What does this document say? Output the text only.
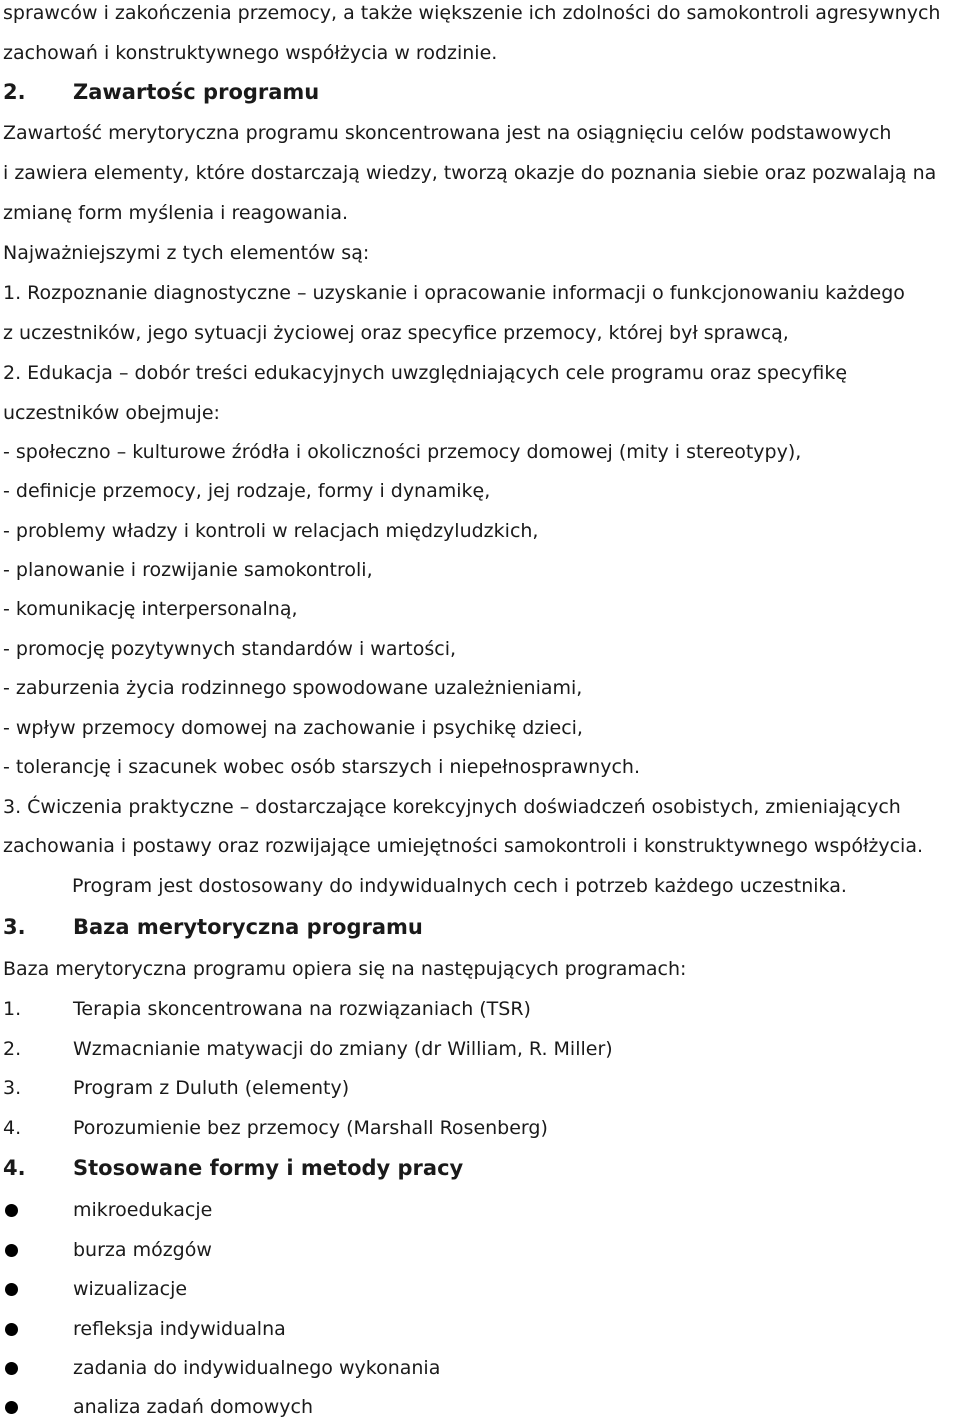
sprawców i zakończenia przemocy, a także większenie ich zdolności do samokontroli agresywnych
zachowań i konstruktywnego współżycia w rodzinie.
2. Zawartośc programu
Zawartość merytoryczna programu skoncentrowana jest na osiągnięciu celów podstawowych
i zawiera elementy, które dostarczają wiedzy, tworzą okazje do poznania siebie oraz pozwalają na
zmianę form myślenia i reagowania.
Najważniejszymi z tych elementów są:
1. Rozpoznanie diagnostyczne – uzyskanie i opracowanie informacji o funkcjonowaniu każdego
z uczestników, jego sytuacji życiowej oraz specyfice przemocy, której był sprawcą,
2. Edukacja – dobór treści edukacyjnych uwzględniających cele programu oraz specyfikę
uczestników obejmuje:
- społeczno – kulturowe źródła i okoliczności przemocy domowej (mity i stereotypy),
- definicje przemocy, jej rodzaje, formy i dynamikę,
- problemy władzy i kontroli w relacjach międzyludzkich,
- planowanie i rozwijanie samokontroli,
- komunikację interpersonalną,
- promocję pozytywnych standardów i wartości,
- zaburzenia życia rodzinnego spowodowane uzależnieniami,
- wpływ przemocy domowej na zachowanie i psychikę dzieci,
- tolerancję i szacunek wobec osób starszych i niepełnosprawnych.
3. Ćwiczenia praktyczne – dostarczające korekcyjnych doświadczeń osobistych, zmieniających
zachowania i postawy oraz rozwijające umiejętności samokontroli i konstruktywnego współżycia.
Program jest dostosowany do indywidualnych cech i potrzeb każdego uczestnika.
3. Baza merytoryczna programu
Baza merytoryczna programu opiera się na następujących programach:
1.	Terapia skoncentrowana na rozwiązaniach (TSR)
2.	Wzmacnianie matywacji do zmiany (dr William, R. Miller)
3.	Program z Duluth (elementy)
4.	Porozumienie bez przemocy (Marshall Rosenberg)
4. Stosowane formy i metody pracy
mikroedukacje
burza mózgów
wizualizacje
refleksja indywidualna
zadania do indywidualnego wykonania
analiza zadań domowych
